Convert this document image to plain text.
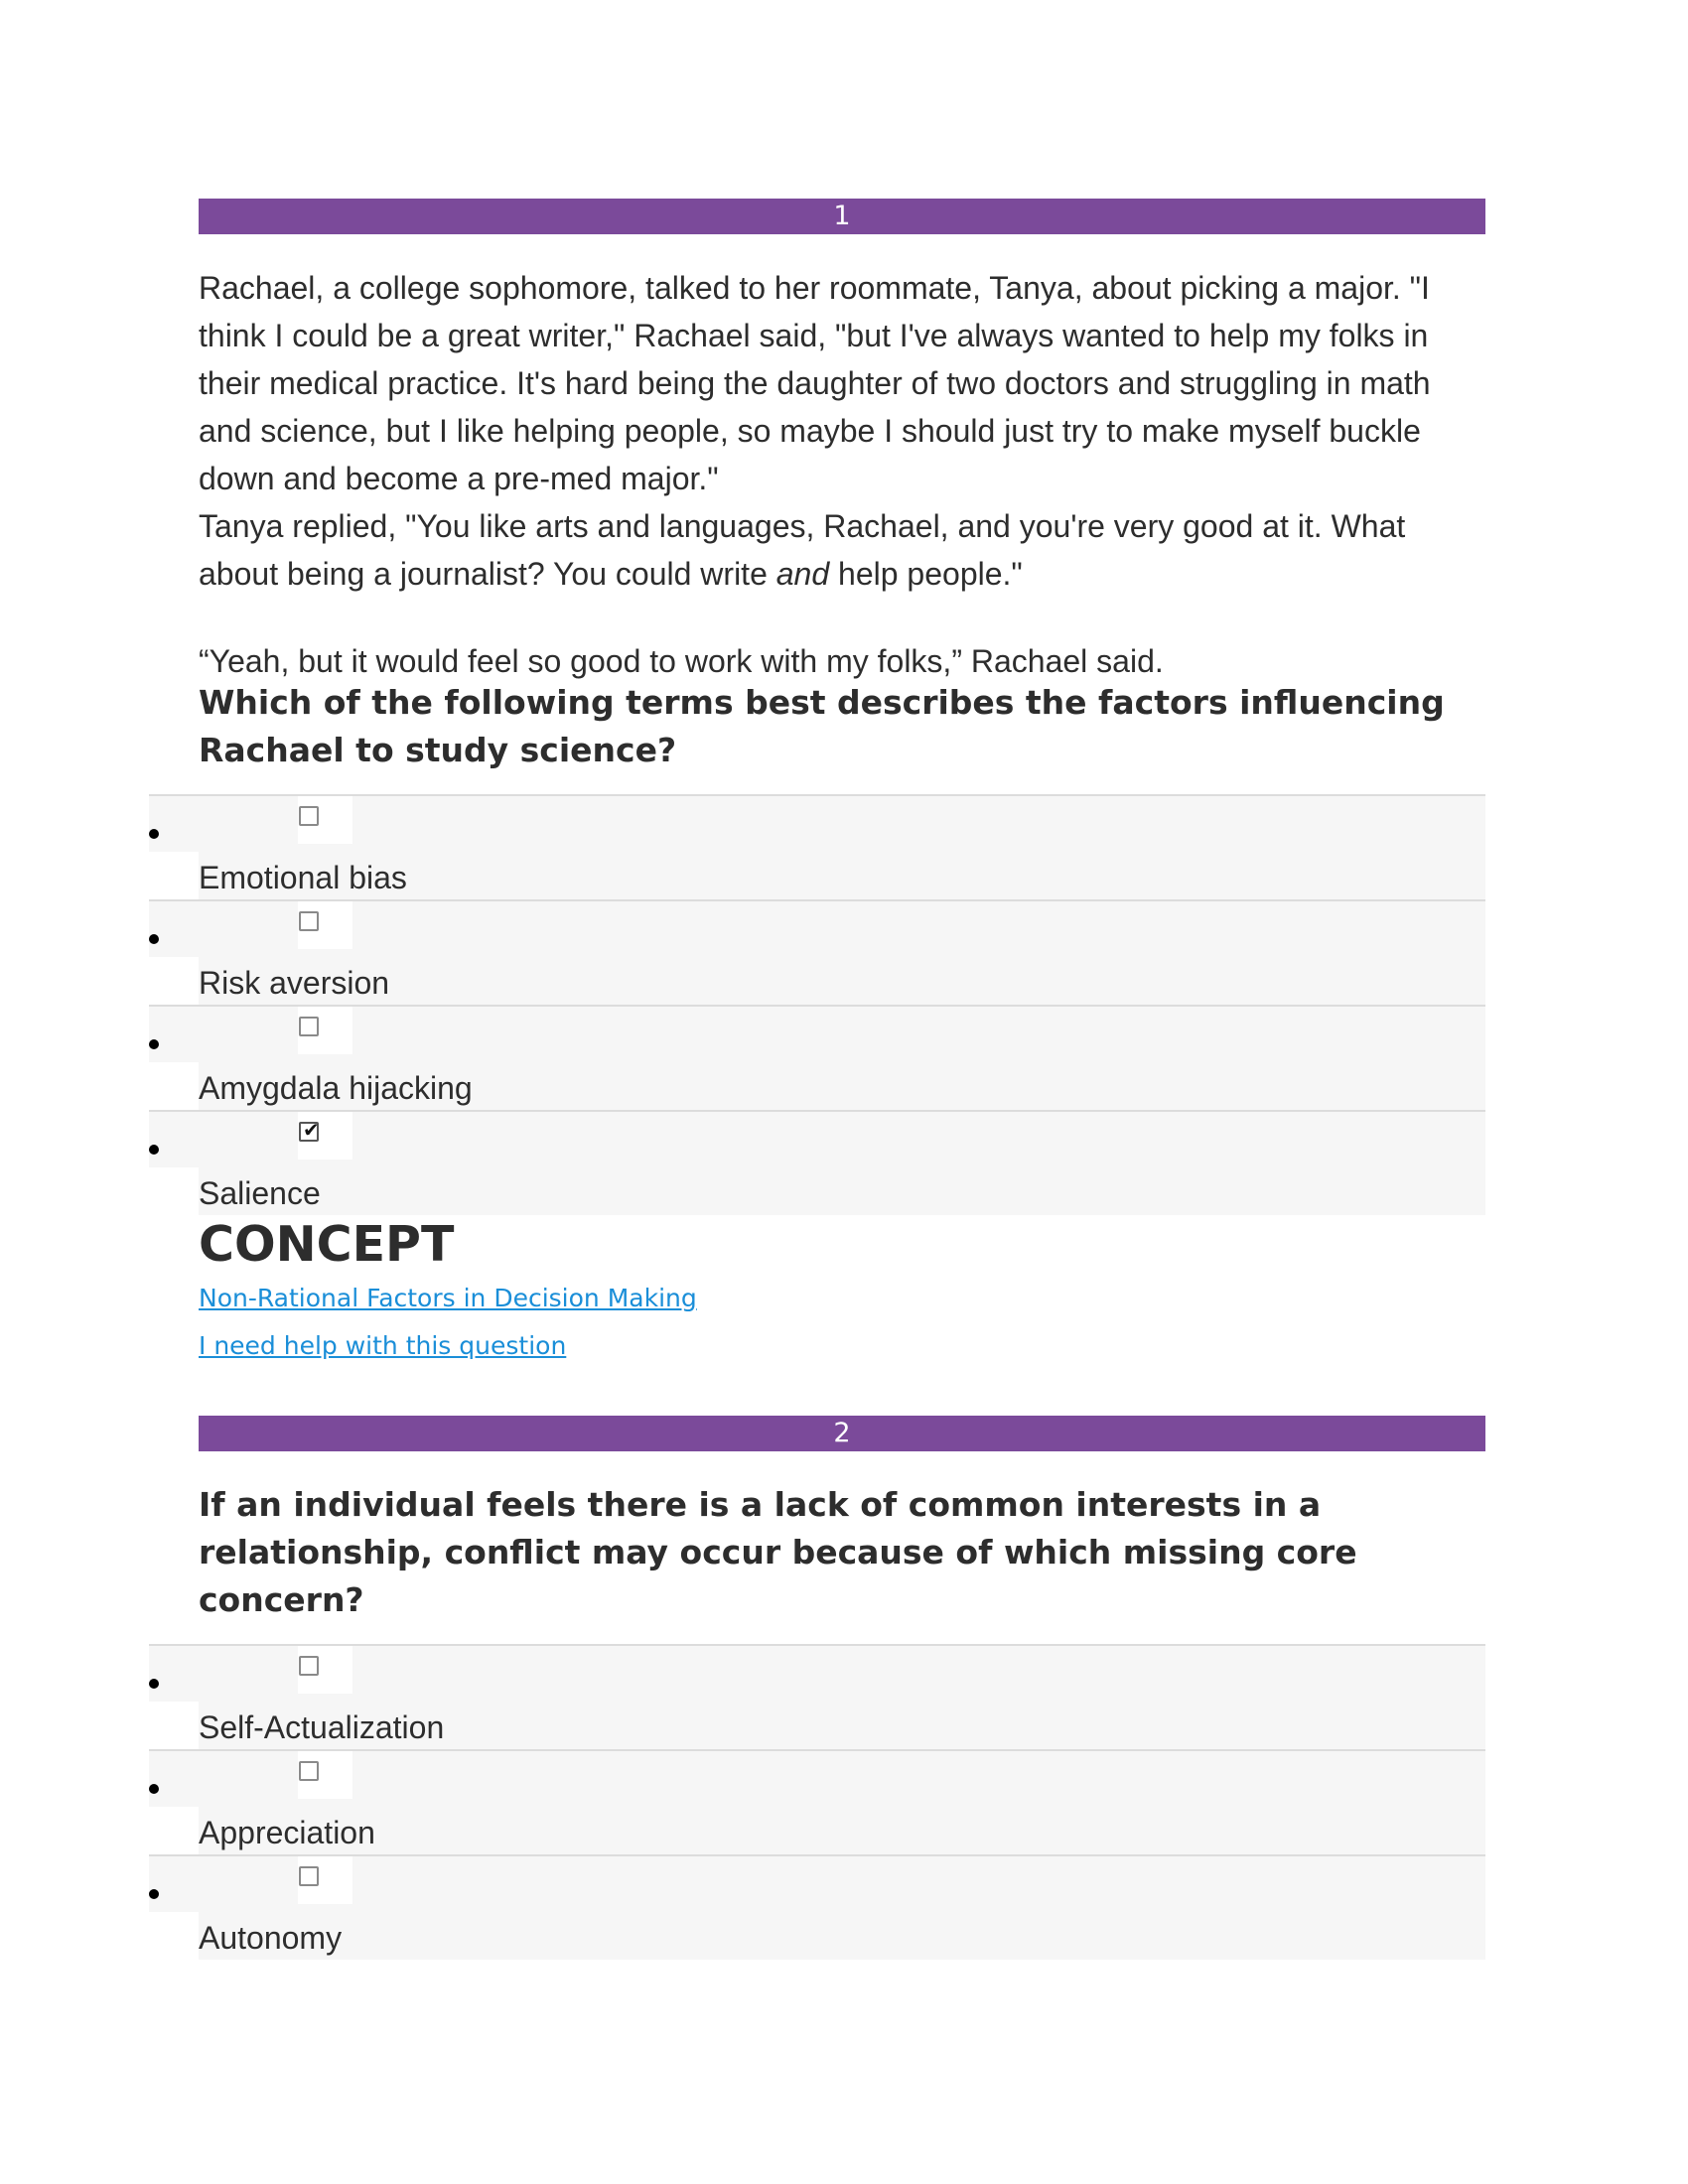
1

Rachael, a college sophomore, talked to her roommate, Tanya, about picking a major. "I think I could be a great writer," Rachael said, "but I've always wanted to help my folks in their medical practice. It's hard being the daughter of two doctors and struggling in math and science, but I like helping people, so maybe I should just try to make myself buckle down and become a pre-med major."

Tanya replied, "You like arts and languages, Rachael, and you're very good at it. What about being a journalist? You could write and help people."

“Yeah, but it would feel so good to work with my folks,” Rachael said.

Which of the following terms best describes the factors influencing Rachael to study science?

Emotional bias
Risk aversion
Amygdala hijacking
✔
Salience
CONCEPT
Non-Rational Factors in Decision Making
I need help with this question
2

If an individual feels there is a lack of common interests in a relationship, conflict may occur because of which missing core concern?

Self-Actualization
Appreciation
Autonomy
